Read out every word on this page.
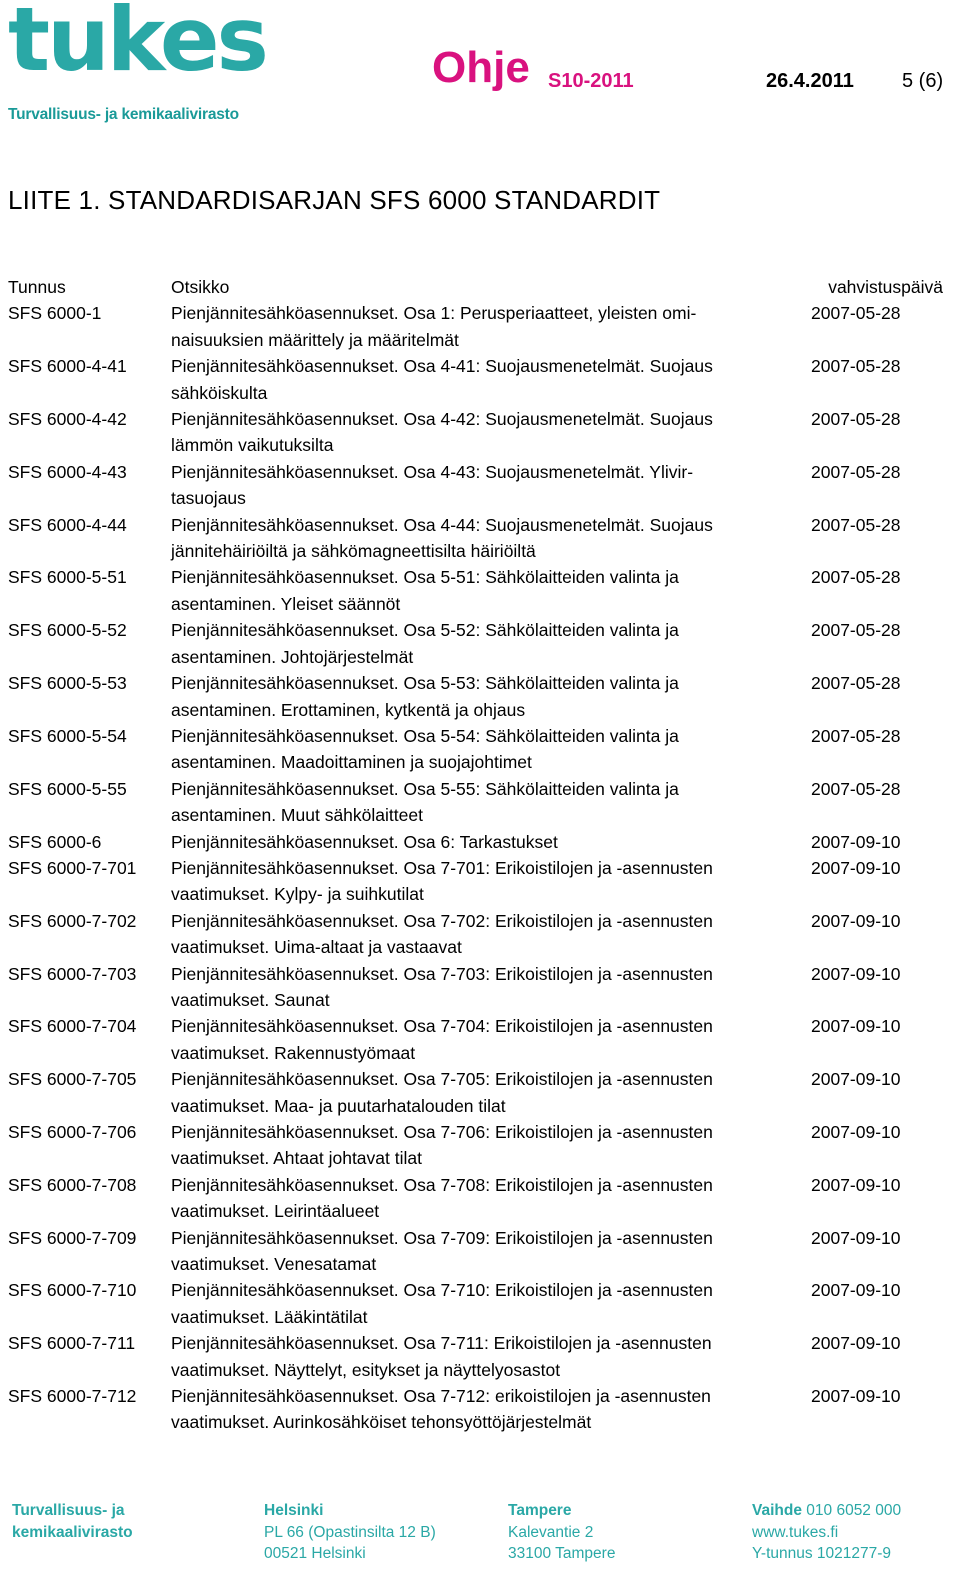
tukes
Turvallisuus- ja kemikaalivirasto
Ohje S10-2011	26.4.2011 5 (6)
LIITE 1. STANDARDISARJAN SFS 6000 STANDARDIT
Tunnus	Otsikko	vahvistuspäivä
SFS 6000-1	Pienjännitesähköasennukset. Osa 1: Perusperiaatteet, yleisten omi-	2007-05-28
naisuuksien määrittely ja määritelmät
SFS 6000-4-41	Pienjännitesähköasennukset. Osa 4-41: Suojausmenetelmät. Suojaus	2007-05-28
sähköiskulta
SFS 6000-4-42	Pienjännitesähköasennukset. Osa 4-42: Suojausmenetelmät. Suojaus	2007-05-28
lämmön vaikutuksilta
SFS 6000-4-43	Pienjännitesähköasennukset. Osa 4-43: Suojausmenetelmät. Ylivir-	2007-05-28
tasuojaus
SFS 6000-4-44	Pienjännitesähköasennukset. Osa 4-44: Suojausmenetelmät. Suojaus	2007-05-28
jännitehäiriöiltä ja sähkömagneettisilta häiriöiltä
SFS 6000-5-51	Pienjännitesähköasennukset. Osa 5-51: Sähkölaitteiden valinta ja	2007-05-28
asentaminen. Yleiset säännöt
SFS 6000-5-52	Pienjännitesähköasennukset. Osa 5-52: Sähkölaitteiden valinta ja	2007-05-28
asentaminen. Johtojärjestelmät
SFS 6000-5-53	Pienjännitesähköasennukset. Osa 5-53: Sähkölaitteiden valinta ja	2007-05-28
asentaminen. Erottaminen, kytkentä ja ohjaus
SFS 6000-5-54	Pienjännitesähköasennukset. Osa 5-54: Sähkölaitteiden valinta ja	2007-05-28
asentaminen. Maadoittaminen ja suojajohtimet
SFS 6000-5-55	Pienjännitesähköasennukset. Osa 5-55: Sähkölaitteiden valinta ja	2007-05-28
asentaminen. Muut sähkölaitteet
SFS 6000-6	Pienjännitesähköasennukset. Osa 6: Tarkastukset	2007-09-10
SFS 6000-7-701	Pienjännitesähköasennukset. Osa 7-701: Erikoistilojen ja -asennusten	2007-09-10
vaatimukset. Kylpy- ja suihkutilat
SFS 6000-7-702	Pienjännitesähköasennukset. Osa 7-702: Erikoistilojen ja -asennusten	2007-09-10
vaatimukset. Uima-altaat ja vastaavat
SFS 6000-7-703	Pienjännitesähköasennukset. Osa 7-703: Erikoistilojen ja -asennusten	2007-09-10
vaatimukset. Saunat
SFS 6000-7-704	Pienjännitesähköasennukset. Osa 7-704: Erikoistilojen ja -asennusten	2007-09-10
vaatimukset. Rakennustyömaat
SFS 6000-7-705	Pienjännitesähköasennukset. Osa 7-705: Erikoistilojen ja -asennusten	2007-09-10
vaatimukset. Maa- ja puutarhatalouden tilat
SFS 6000-7-706	Pienjännitesähköasennukset. Osa 7-706: Erikoistilojen ja -asennusten	2007-09-10
vaatimukset. Ahtaat johtavat tilat
SFS 6000-7-708	Pienjännitesähköasennukset. Osa 7-708: Erikoistilojen ja -asennusten	2007-09-10
vaatimukset. Leirintäalueet
SFS 6000-7-709	Pienjännitesähköasennukset. Osa 7-709: Erikoistilojen ja -asennusten	2007-09-10
vaatimukset. Venesatamat
SFS 6000-7-710	Pienjännitesähköasennukset. Osa 7-710: Erikoistilojen ja -asennusten	2007-09-10
vaatimukset. Lääkintätilat
SFS 6000-7-711	Pienjännitesähköasennukset. Osa 7-711: Erikoistilojen ja -asennusten	2007-09-10
vaatimukset. Näyttelyt, esitykset ja näyttelyosastot
SFS 6000-7-712	Pienjännitesähköasennukset. Osa 7-712: erikoistilojen ja -asennusten	2007-09-10
vaatimukset. Aurinkosähköiset tehonsyöttöjärjestelmät
Turvallisuus- ja
kemikaalivirasto
Helsinki
PL 66 (Opastinsilta 12 B)
00521 Helsinki
Tampere
Kalevantie 2
33100 Tampere
Vaihde 010 6052 000
www.tukes.fi
Y-tunnus 1021277-9
